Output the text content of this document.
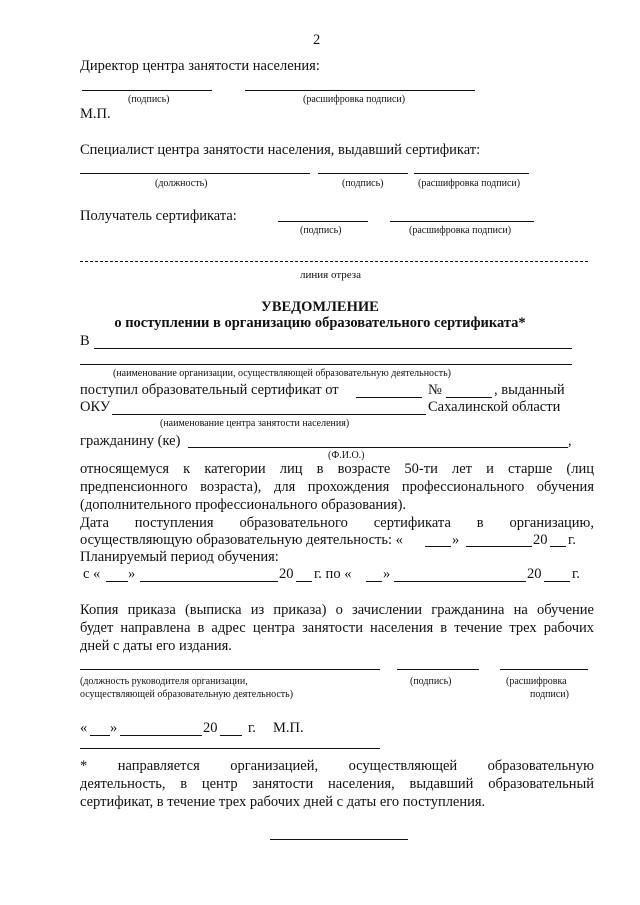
2
Директор центра занятости населения:
(подпись)	(расшифровка подписи)
М.П.
Специалист центра занятости населения, выдавший сертификат:
(должность)	(подпись)	(расшифровка подписи)
Получатель сертификата:
(подпись)	(расшифровка подписи)
линия отреза
УВЕДОМЛЕНИЕ
о поступлении в организацию образовательного сертификата*
В
(наименование организации, осуществляющей образовательную деятельность)
поступил образовательный сертификат от	№	, выданный
ОКУ	Сахалинской области
(наименование центра занятости населения)
гражданину (ке)	,
(Ф.И.О.)
относящемуся к категории лиц в возрасте 50-ти лет и старше (лиц
предпенсионного возраста), для прохождения профессионального обучения
(дополнительного профессионального образования).
Дата поступления образовательного сертификата в организацию,
осуществляющую образовательную деятельность: «	»	20 г.
Планируемый период обучения:
с « »	20 г. по « »	20 г.
Копия приказа (выписка из приказа) о зачислении гражданина на обучение
будет направлена в адрес центра занятости населения в течение трех рабочих
дней с даты его издания.
(должность руководителя организации,
осуществляющей образовательную деятельность)
(подпись)	(расшифровка
подписи)
« »	20 г. М.П.
* направляется организацией, осуществляющей образовательную
деятельность, в центр занятости населения, выдавший образовательный
сертификат, в течение трех рабочих дней с даты его поступления.
